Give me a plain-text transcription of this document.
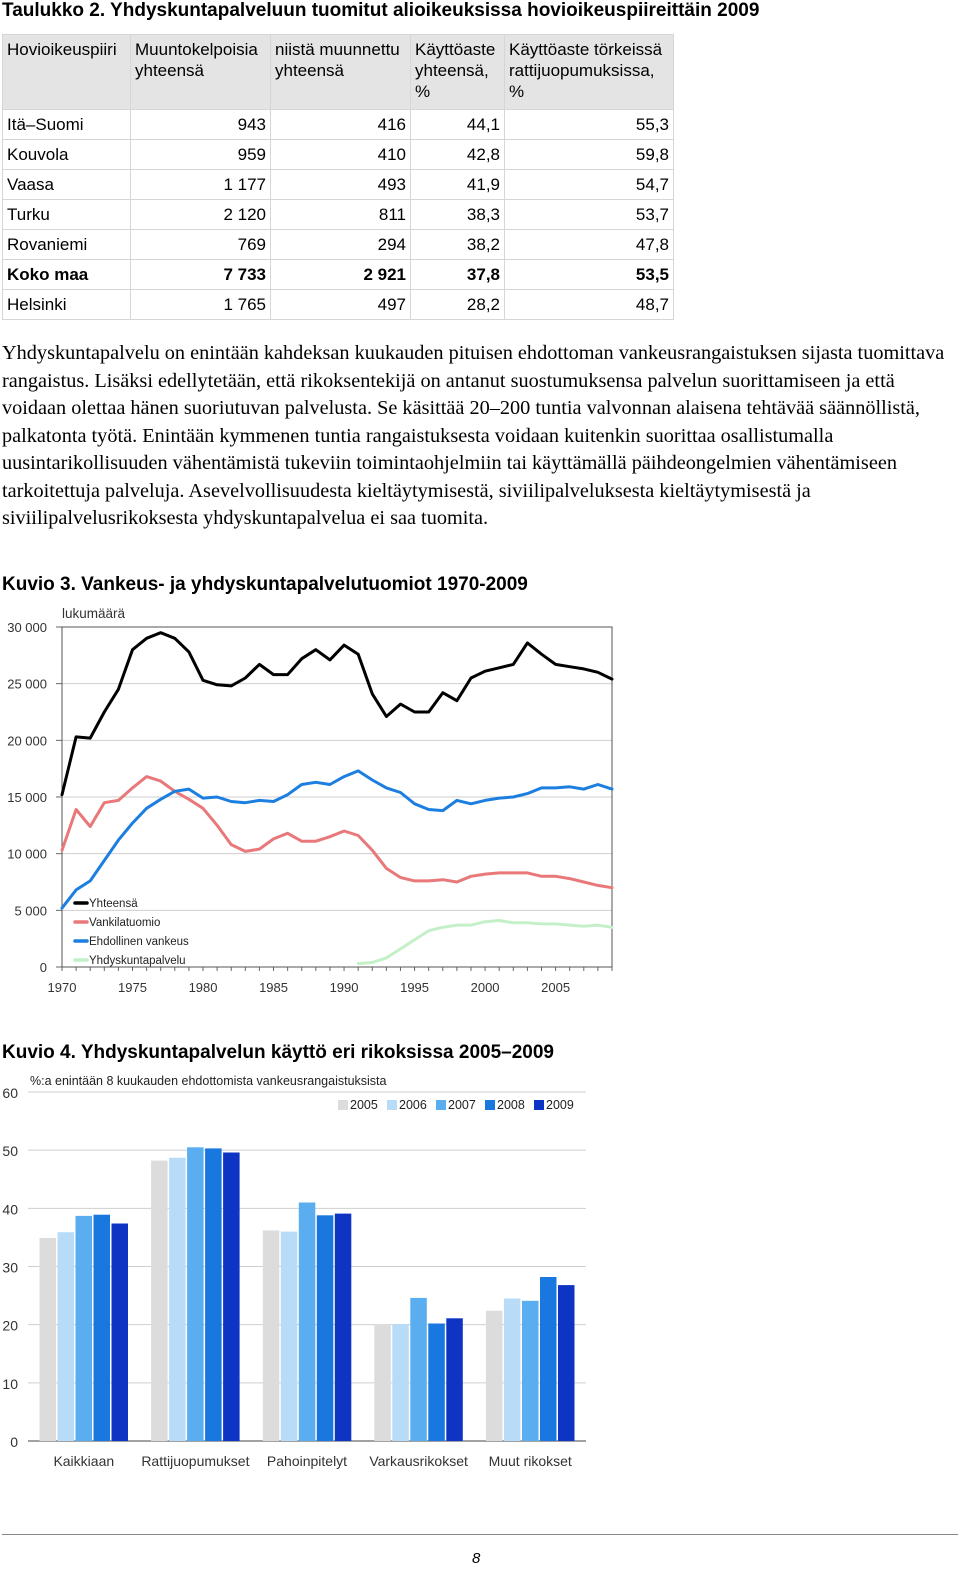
Taulukko 2. Yhdyskuntapalveluun tuomitut alioikeuksissa hovioikeuspiireittäin 2009
Hovioikeuspiiri	Muuntokelpoisia yhteensä	niistä muunnettu yhteensä	Käyttöaste yhteensä, %	Käyttöaste törkeissä rattijuopumuksissa, %
Itä–Suomi	943	416	44,1	55,3
Kouvola	959	410	42,8	59,8
Vaasa	1 177	493	41,9	54,7
Turku	2 120	811	38,3	53,7
Rovaniemi	769	294	38,2	47,8
Koko maa	7 733	2 921	37,8	53,5
Helsinki	1 765	497	28,2	48,7
Yhdyskuntapalvelu on enintään kahdeksan kuukauden pituisen ehdottoman vankeusrangaistuksen sijasta tuomittava rangaistus. Lisäksi edellytetään, että rikoksentekijä on antanut suostumuksensa palvelun suorittamiseen ja että voidaan olettaa hänen suoriutuvan palvelusta. Se käsittää 20–200 tuntia valvonnan alaisena tehtävää säännöllistä, palkatonta työtä. Enintään kymmenen tuntia rangaistuksesta voidaan kuitenkin suorittaa osallistumalla uusintarikollisuuden vähentämistä tukeviin toimintaohjelmiin tai käyttämällä päihdeongelmien vähentämiseen tarkoitettuja palveluja. Asevelvollisuudesta kieltäytymisestä, siviilipalveluksesta kieltäytymisestä ja siviilipalvelusrikoksesta yhdyskuntapalvelua ei saa tuomita.
Kuvio 3. Vankeus- ja yhdyskuntapalvelutuomiot 1970-2009
0
5 000
10 000
15 000
20 000
25 000
30 000
1970	1975	1980	1985	1990	1995	2000	2005
lukumäärä
Yhteensä
Vankilatuomio
Ehdollinen vankeus
Yhdyskuntapalvelu
Kuvio 4. Yhdyskuntapalvelun käyttö eri rikoksissa 2005–2009
0
10
20
30
40
50
60
%:a enintään 8 kuukauden ehdottomista vankeusrangaistuksista
Kaikkiaan Rattijuopumukset Pahoinpitelyt Varkausrikokset Muut rikokset
2005 2006 2007 2008 2009
8
